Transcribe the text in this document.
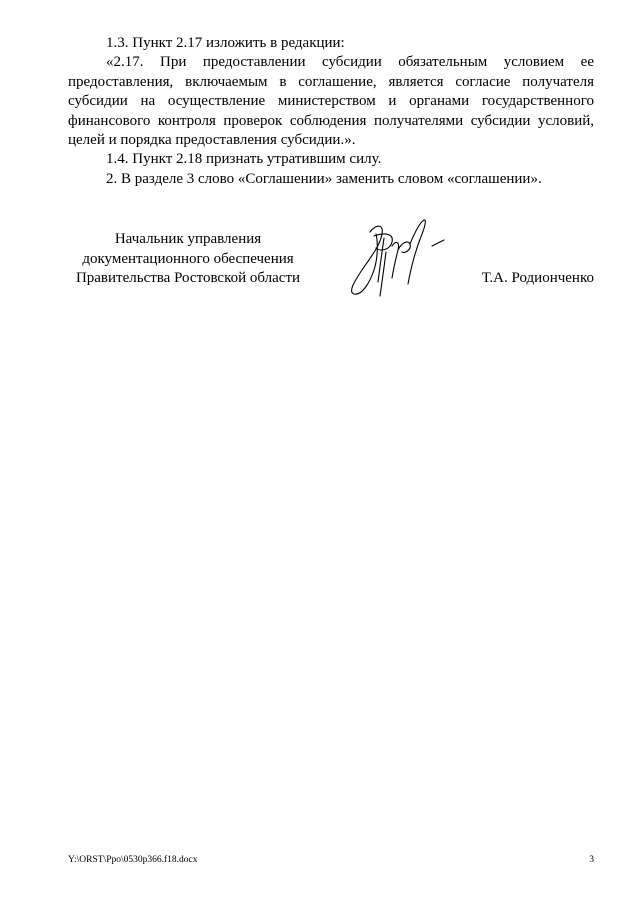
1.3. Пункт 2.17 изложить в редакции:

«2.17. При предоставлении субсидии обязательным условием ее предоставления, включаемым в соглашение, является согласие получателя субсидии на осуществление министерством и органами государственного финансового контроля проверок соблюдения получателями субсидии условий, целей и порядка предоставления субсидии.».

1.4. Пункт 2.18 признать утратившим силу.

2. В разделе 3 слово «Соглашении» заменить словом «соглашении».

Начальник управления
документационного обеспечения
Правительства Ростовской области	Т.А. Родионченко
Y:\ORST\Ppo\0530p366.f18.docx	3
